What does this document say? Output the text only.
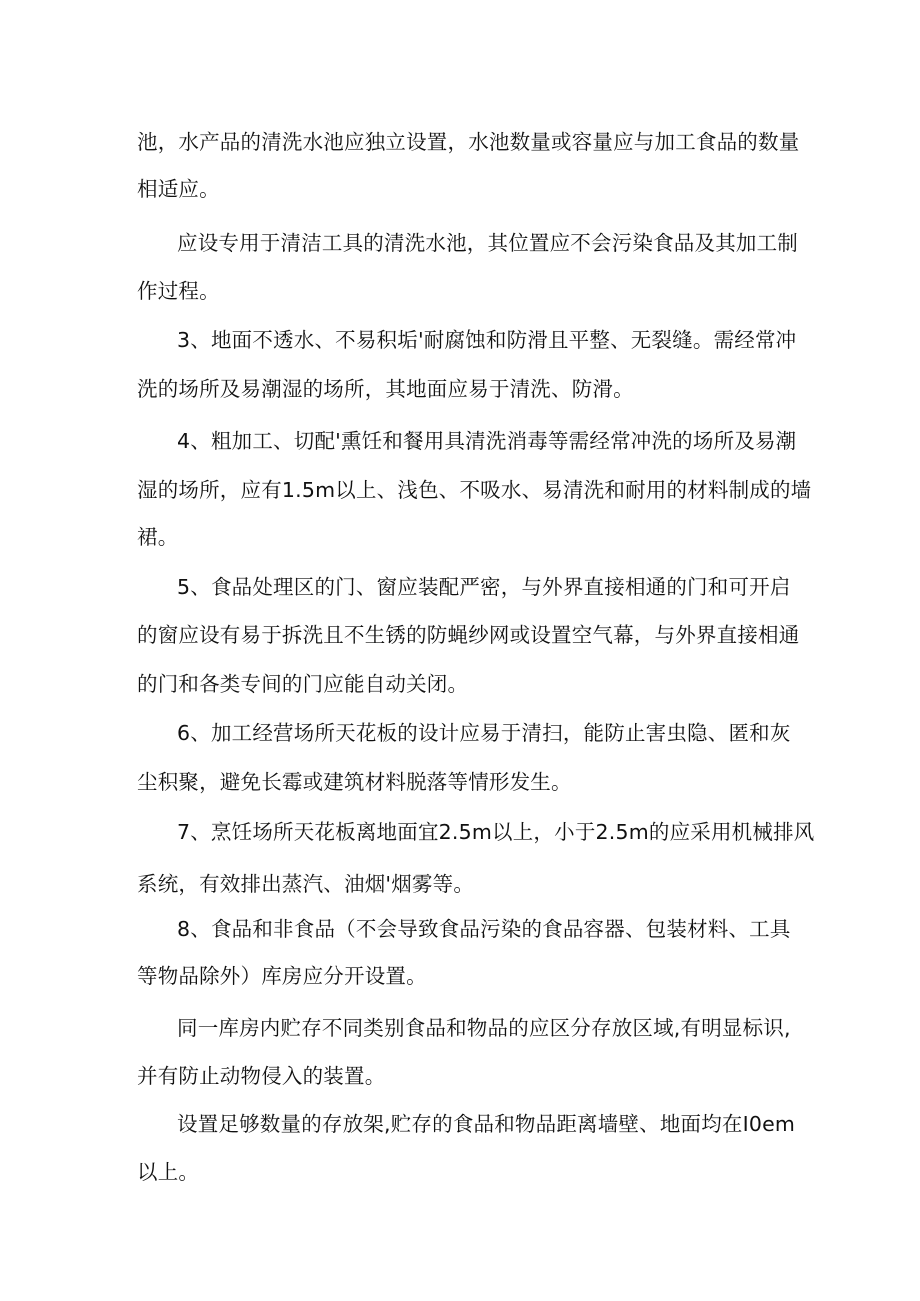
池，水产品的清洗水池应独立设置，水池数量或容量应与加工食品的数量
相适应。
应设专用于清洁工具的清洗水池，其位置应不会污染食品及其加工制
作过程。
3、地面不透水、不易积垢'耐腐蚀和防滑且平整、无裂缝。需经常冲
洗的场所及易潮湿的场所，其地面应易于清洗、防滑。
4、粗加工、切配'熏饪和餐用具清洗消毒等需经常冲洗的场所及易潮
湿的场所，应有1.5m以上、浅色、不吸水、易清洗和耐用的材料制成的墙
裙。
5、食品处理区的门、窗应装配严密，与外界直接相通的门和可开启
的窗应设有易于拆洗且不生锈的防蝇纱网或设置空气幕，与外界直接相通
的门和各类专间的门应能自动关闭。
6、加工经营场所天花板的设计应易于清扫，能防止害虫隐、匿和灰
尘积聚，避免长霉或建筑材料脱落等情形发生。
7、烹饪场所天花板离地面宜2.5m以上，小于2.5m的应采用机械排风
系统，有效排出蒸汽、油烟'烟雾等。
8、食品和非食品（不会导致食品污染的食品容器、包装材料、工具
等物品除外）库房应分开设置。
同一库房内贮存不同类别食品和物品的应区分存放区域,有明显标识,
并有防止动物侵入的装置。
设置足够数量的存放架,贮存的食品和物品距离墙壁、地面均在I0em
以上。
